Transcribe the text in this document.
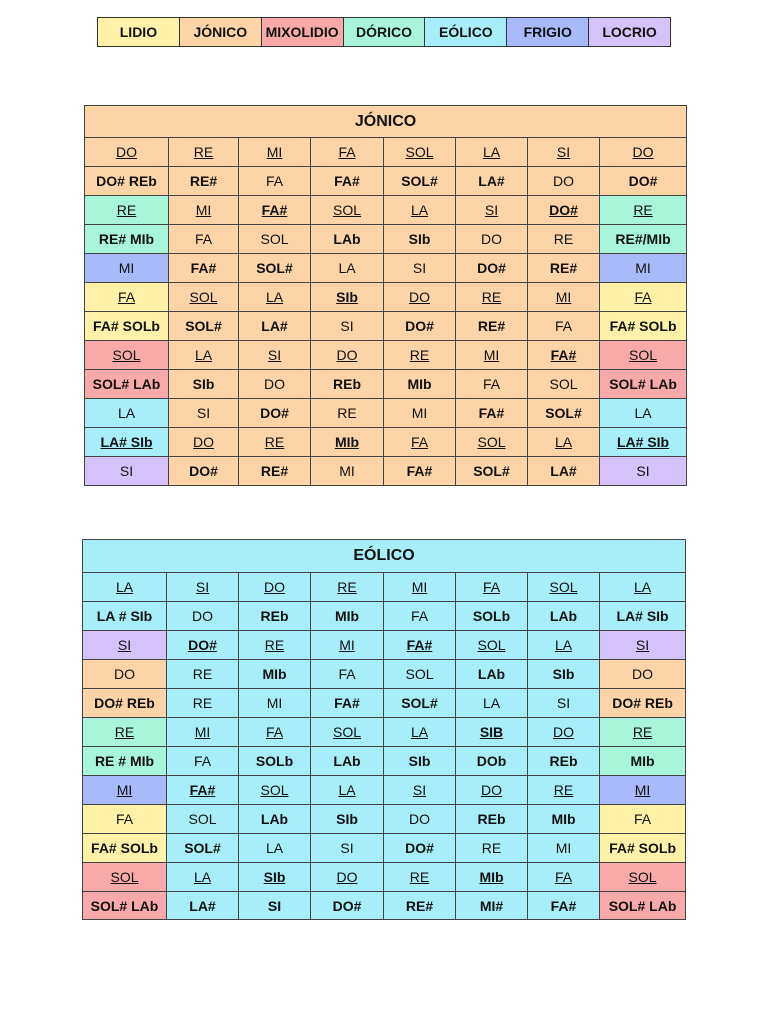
LIDIO	JÓNICO	MIXOLIDIO	DÓRICO	EÓLICO	FRIGIO	LOCRIO
JÓNICO							
DO	RE	MI	FA	SOL	LA	SI	DO
DO# REb	RE#	FA	FA#	SOL#	LA#	DO	DO#
RE	MI	FA#	SOL	LA	SI	DO#	RE
RE# MIb	FA	SOL	LAb	SIb	DO	RE	RE#/MIb
MI	FA#	SOL#	LA	SI	DO#	RE#	MI
FA	SOL	LA	SIb	DO	RE	MI	FA
FA# SOLb	SOL#	LA#	SI	DO#	RE#	FA	FA# SOLb
SOL	LA	SI	DO	RE	MI	FA#	SOL
SOL# LAb	SIb	DO	REb	MIb	FA	SOL	SOL# LAb
LA	SI	DO#	RE	MI	FA#	SOL#	LA
LA# SIb	DO	RE	MIb	FA	SOL	LA	LA# SIb
SI	DO#	RE#	MI	FA#	SOL#	LA#	SI
EÓLICO							
LA	SI	DO	RE	MI	FA	SOL	LA
LA # SIb	DO	REb	MIb	FA	SOLb	LAb	LA# SIb
SI	DO#	RE	MI	FA#	SOL	LA	SI
DO	RE	MIb	FA	SOL	LAb	SIb	DO
DO# REb	RE	MI	FA#	SOL#	LA	SI	DO# REb
RE	MI	FA	SOL	LA	SIB	DO	RE
RE # MIb	FA	SOLb	LAb	SIb	DOb	REb	MIb
MI	FA#	SOL	LA	SI	DO	RE	MI
FA	SOL	LAb	SIb	DO	REb	MIb	FA
FA# SOLb	SOL#	LA	SI	DO#	RE	MI	FA# SOLb
SOL	LA	SIb	DO	RE	MIb	FA	SOL
SOL# LAb	LA#	SI	DO#	RE#	MI#	FA#	SOL# LAb
